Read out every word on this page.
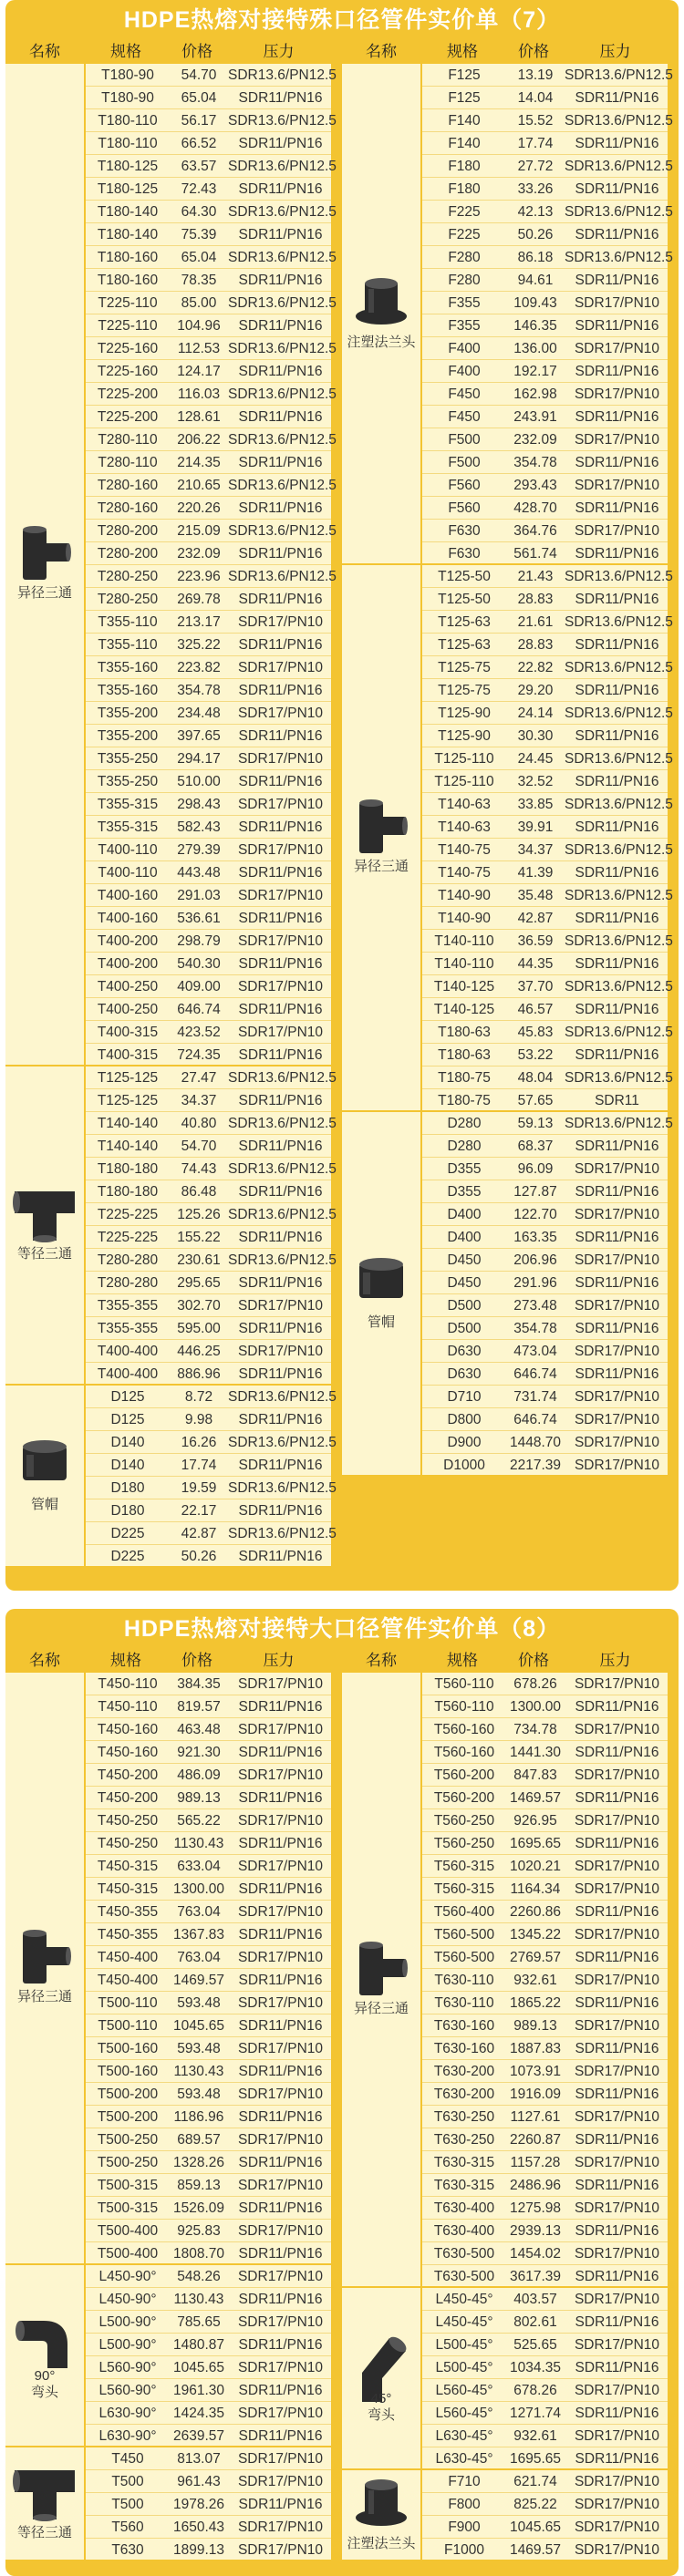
HDPE热熔对接特殊口径管件实价单（7）
名称	规格	价格	压力
异径三通
T180-90	54.70 SDR13.6/PN12.5
T180-90	65.04	SDR11/PN16
T180-110	56.17 SDR13.6/PN12.5
T180-110	66.52	SDR11/PN16
T180-125	63.57 SDR13.6/PN12.5
T180-125	72.43	SDR11/PN16
T180-140	64.30 SDR13.6/PN12.5
T180-140	75.39	SDR11/PN16
T180-160	65.04 SDR13.6/PN12.5
T180-160	78.35	SDR11/PN16
T225-110	85.00 SDR13.6/PN12.5
T225-110	104.96	SDR11/PN16
T225-160	112.53 SDR13.6/PN12.5
T225-160	124.17	SDR11/PN16
T225-200	116.03 SDR13.6/PN12.5
T225-200	128.61	SDR11/PN16
T280-110	206.22 SDR13.6/PN12.5
T280-110	214.35	SDR11/PN16
T280-160	210.65 SDR13.6/PN12.5
T280-160	220.26	SDR11/PN16
T280-200	215.09 SDR13.6/PN12.5
T280-200	232.09	SDR11/PN16
T280-250	223.96 SDR13.6/PN12.5
T280-250	269.78	SDR11/PN16
T355-110	213.17	SDR17/PN10
T355-110	325.22	SDR11/PN16
T355-160	223.82	SDR17/PN10
T355-160	354.78	SDR11/PN16
T355-200	234.48	SDR17/PN10
T355-200	397.65	SDR11/PN16
T355-250	294.17	SDR17/PN10
T355-250	510.00	SDR11/PN16
T355-315	298.43	SDR17/PN10
T355-315	582.43	SDR11/PN16
T400-110	279.39	SDR17/PN10
T400-110	443.48	SDR11/PN16
T400-160	291.03	SDR17/PN10
T400-160	536.61	SDR11/PN16
T400-200	298.79	SDR17/PN10
T400-200	540.30	SDR11/PN16
T400-250	409.00	SDR17/PN10
T400-250	646.74	SDR11/PN16
T400-315	423.52	SDR17/PN10
T400-315	724.35	SDR11/PN16
等径三通
T125-125	27.47 SDR13.6/PN12.5
T125-125	34.37	SDR11/PN16
T140-140	40.80 SDR13.6/PN12.5
T140-140	54.70	SDR11/PN16
T180-180	74.43 SDR13.6/PN12.5
T180-180	86.48	SDR11/PN16
T225-225	125.26 SDR13.6/PN12.5
T225-225	155.22	SDR11/PN16
T280-280	230.61 SDR13.6/PN12.5
T280-280	295.65	SDR11/PN16
T355-355	302.70	SDR17/PN10
T355-355	595.00	SDR11/PN16
T400-400	446.25	SDR17/PN10
T400-400	886.96	SDR11/PN16
管帽
D125	8.72	SDR13.6/PN12.5
D125	9.98	SDR11/PN16
D140	16.26 SDR13.6/PN12.5
D140	17.74	SDR11/PN16
D180	19.59 SDR13.6/PN12.5
D180	22.17	SDR11/PN16
D225	42.87 SDR13.6/PN12.5
D225	50.26	SDR11/PN16
名称	规格	价格	压力
注塑法兰头
F125	13.19 SDR13.6/PN12.5
F125	14.04	SDR11/PN16
F140	15.52 SDR13.6/PN12.5
F140	17.74	SDR11/PN16
F180	27.72 SDR13.6/PN12.5
F180	33.26	SDR11/PN16
F225	42.13 SDR13.6/PN12.5
F225	50.26	SDR11/PN16
F280	86.18 SDR13.6/PN12.5
F280	94.61	SDR11/PN16
F355	109.43	SDR17/PN10
F355	146.35	SDR11/PN16
F400	136.00	SDR17/PN10
F400	192.17	SDR11/PN16
F450	162.98	SDR17/PN10
F450	243.91	SDR11/PN16
F500	232.09	SDR17/PN10
F500	354.78	SDR11/PN16
F560	293.43	SDR17/PN10
F560	428.70	SDR11/PN16
F630	364.76	SDR17/PN10
F630	561.74	SDR11/PN16
异径三通
T125-50	21.43 SDR13.6/PN12.5
T125-50	28.83	SDR11/PN16
T125-63	21.61 SDR13.6/PN12.5
T125-63	28.83	SDR11/PN16
T125-75	22.82 SDR13.6/PN12.5
T125-75	29.20	SDR11/PN16
T125-90	24.14 SDR13.6/PN12.5
T125-90	30.30	SDR11/PN16
T125-110	24.45 SDR13.6/PN12.5
T125-110	32.52	SDR11/PN16
T140-63	33.85 SDR13.6/PN12.5
T140-63	39.91	SDR11/PN16
T140-75	34.37 SDR13.6/PN12.5
T140-75	41.39	SDR11/PN16
T140-90	35.48 SDR13.6/PN12.5
T140-90	42.87	SDR11/PN16
T140-110	36.59 SDR13.6/PN12.5
T140-110	44.35	SDR11/PN16
T140-125	37.70 SDR13.6/PN12.5
T140-125	46.57	SDR11/PN16
T180-63	45.83 SDR13.6/PN12.5
T180-63	53.22	SDR11/PN16
T180-75	48.04 SDR13.6/PN12.5
T180-75	57.65	SDR11
管帽
D280	59.13 SDR13.6/PN12.5
D280	68.37	SDR11/PN16
D355	96.09	SDR17/PN10
D355	127.87	SDR11/PN16
D400	122.70	SDR17/PN10
D400	163.35	SDR11/PN16
D450	206.96	SDR17/PN10
D450	291.96	SDR11/PN16
D500	273.48	SDR17/PN10
D500	354.78	SDR11/PN16
D630	473.04	SDR17/PN10
D630	646.74	SDR11/PN16
D710	731.74	SDR17/PN10
D800	646.74	SDR17/PN10
D900	1448.70 SDR17/PN10
D1000	2217.39 SDR17/PN10
HDPE热熔对接特大口径管件实价单（8）
名称	规格	价格	压力
异径三通
T450-110	384.35	SDR17/PN10
T450-110	819.57	SDR11/PN16
T450-160	463.48	SDR17/PN10
T450-160	921.30	SDR11/PN16
T450-200	486.09	SDR17/PN10
T450-200	989.13	SDR11/PN16
T450-250	565.22	SDR17/PN10
T450-250	1130.43	SDR11/PN16
T450-315	633.04	SDR17/PN10
T450-315	1300.00	SDR11/PN16
T450-355	763.04	SDR17/PN10
T450-355	1367.83	SDR11/PN16
T450-400	763.04	SDR17/PN10
T450-400	1469.57	SDR11/PN16
T500-110	593.48	SDR17/PN10
T500-110	1045.65	SDR11/PN16
T500-160	593.48	SDR17/PN10
T500-160	1130.43	SDR11/PN16
T500-200	593.48	SDR17/PN10
T500-200	1186.96	SDR11/PN16
T500-250	689.57	SDR17/PN10
T500-250	1328.26	SDR11/PN16
T500-315	859.13	SDR17/PN10
T500-315	1526.09	SDR11/PN16
T500-400	925.83	SDR17/PN10
T500-400	1808.70	SDR11/PN16
90°
弯头
L450-90°	548.26	SDR17/PN10
L450-90°	1130.43	SDR11/PN16
L500-90°	785.65	SDR17/PN10
L500-90°	1480.87	SDR11/PN16
L560-90°	1045.65 SDR17/PN10
L560-90°	1961.30	SDR11/PN16
L630-90°	1424.35 SDR17/PN10
L630-90°	2639.57	SDR11/PN16
等径三通
T450	813.07	SDR17/PN10
T500	961.43	SDR17/PN10
T500	1978.26	SDR11/PN16
T560	1650.43 SDR17/PN10
T630	1899.13 SDR17/PN10
名称	规格	价格	压力
异径三通
T560-110	678.26	SDR17/PN10
T560-110	1300.00	SDR11/PN16
T560-160	734.78	SDR17/PN10
T560-160	1441.30	SDR11/PN16
T560-200	847.83	SDR17/PN10
T560-200	1469.57	SDR11/PN16
T560-250	926.95	SDR17/PN10
T560-250	1695.65	SDR11/PN16
T560-315	1020.21 SDR17/PN10
T560-315	1164.34	SDR17/PN10
T560-400	2260.86	SDR11/PN16
T560-500	1345.22 SDR17/PN10
T560-500	2769.57	SDR11/PN16
T630-110	932.61	SDR17/PN10
T630-110	1865.22	SDR11/PN16
T630-160	989.13	SDR17/PN10
T630-160	1887.83	SDR11/PN16
T630-200	1073.91 SDR17/PN10
T630-200	1916.09	SDR11/PN16
T630-250	1127.61	SDR17/PN10
T630-250	2260.87	SDR11/PN16
T630-315	1157.28	SDR17/PN10
T630-315	2486.96	SDR11/PN16
T630-400	1275.98 SDR17/PN10
T630-400	2939.13	SDR11/PN16
T630-500	1454.02 SDR17/PN10
T630-500	3617.39	SDR11/PN16
45°
弯头
L450-45°	403.57	SDR17/PN10
L450-45°	802.61	SDR11/PN16
L500-45°	525.65	SDR17/PN10
L500-45°	1034.35	SDR11/PN16
L560-45°	678.26	SDR17/PN10
L560-45°	1271.74	SDR11/PN16
L630-45°	932.61	SDR17/PN10
L630-45°	1695.65	SDR11/PN16
注塑法兰头
F710	621.74	SDR17/PN10
F800	825.22	SDR17/PN10
F900	1045.65 SDR17/PN10
F1000	1469.57 SDR17/PN10
